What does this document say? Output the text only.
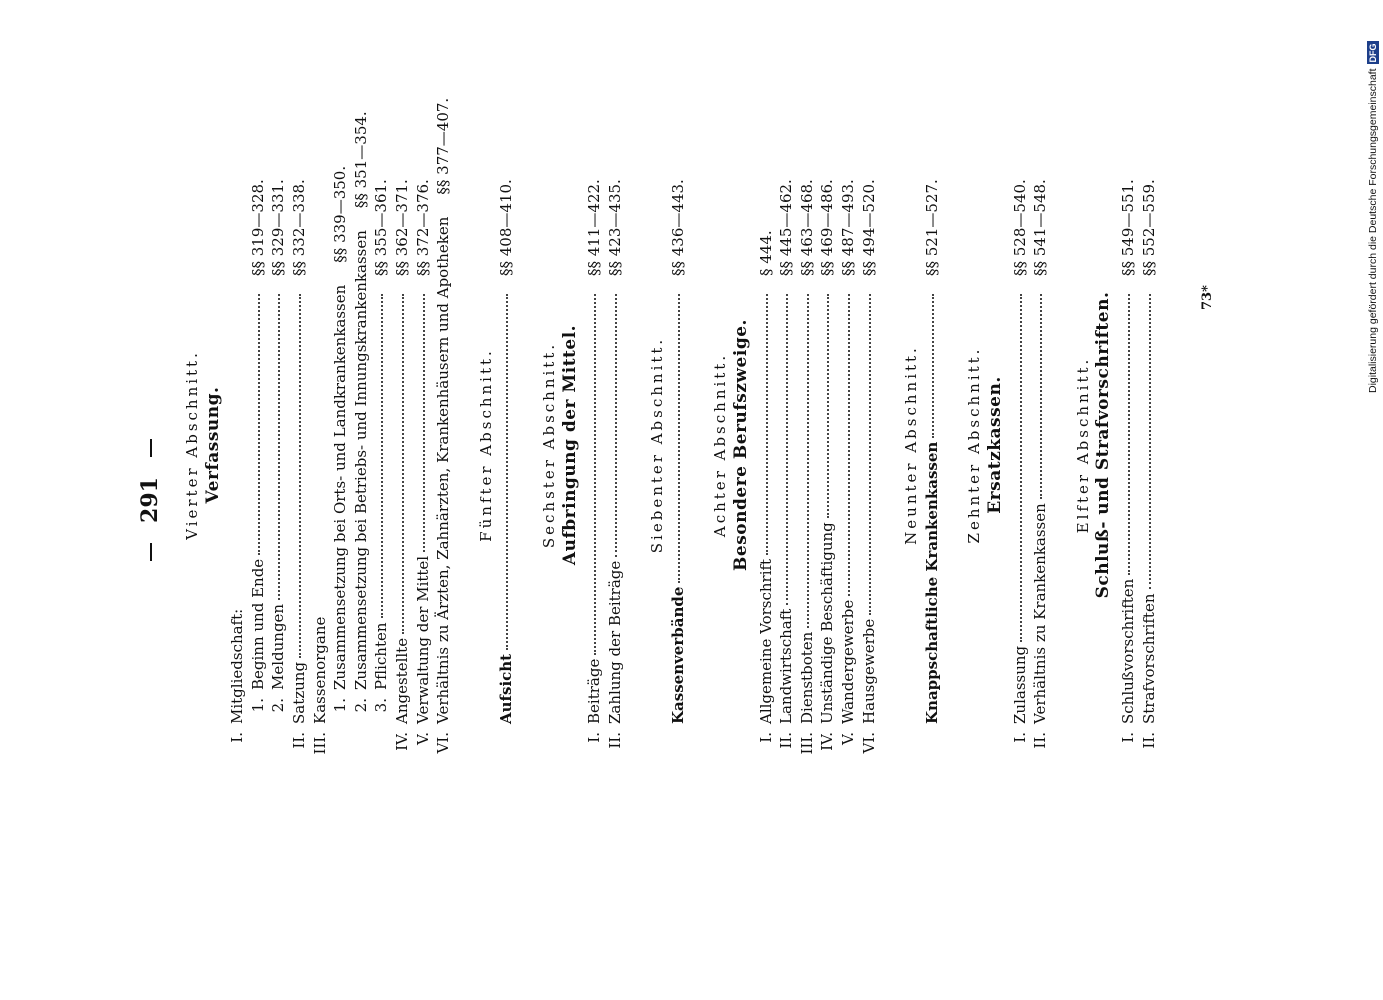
291	Vierter Abschnitt. Verfassung.
I.
Mitgliedschaft: 1.
Beginn und Ende
§§ 319—328.
2.
Meldungen
§§ 329—331.
II.
Satzung
§§ 332—338.
III.
Kassenorgane 1.
Zusammensetzung bei Orts- und Landkrankenkassen
§§ 339—350.
2.
Zusammensetzung bei Betriebs- und Innungskrankenkassen
§§ 351—354.
3.
Pflichten
§§ 355—361.
IV.
Angestellte
§§ 362—371.
V.
Verwaltung der Mittel
§§ 372—376.
VI.
Verhältnis zu Ärzten, Zahnärzten, Krankenhäusern und Apotheken
§§ 377—407.
Fünfter Abschnitt.
Aufsicht
§§ 408—410.
Sechster Abschnitt. Aufbringung der Mittel.
I.
Beiträge
§§ 411—422.
II.
Zahlung der Beiträge
§§ 423—435.
Siebenter Abschnitt.
Kassenverbände
§§ 436—443.
Achter Abschnitt. Besondere Berufszweige.
I.
Allgemeine Vorschrift
§ 444.
II.
Landwirtschaft
§§ 445—462.
III.
Dienstboten
§§ 463—468.
IV.
Unständige Beschäftigung
§§ 469—486.
V.
Wandergewerbe
§§ 487—493.
VI.
Hausgewerbe
§§ 494—520.
Neunter Abschnitt. Knappschaftliche Krankenkassen
§§ 521—527.
Zehnter Abschnitt. Ersatzkassen.
I.
Zulassung
§§ 528—540.
II.
Verhältnis zu Krankenkassen
§§ 541—548.
Elfter Abschnitt. Schluß- und Strafvorschriften.
I.
Schlußvorschriften
§§ 549—551.
II.
Strafvorschriften
§§ 552—559.
73*	Digitalisierung gefördert durch die Deutsche ForschungsgemeinschaftDFG
